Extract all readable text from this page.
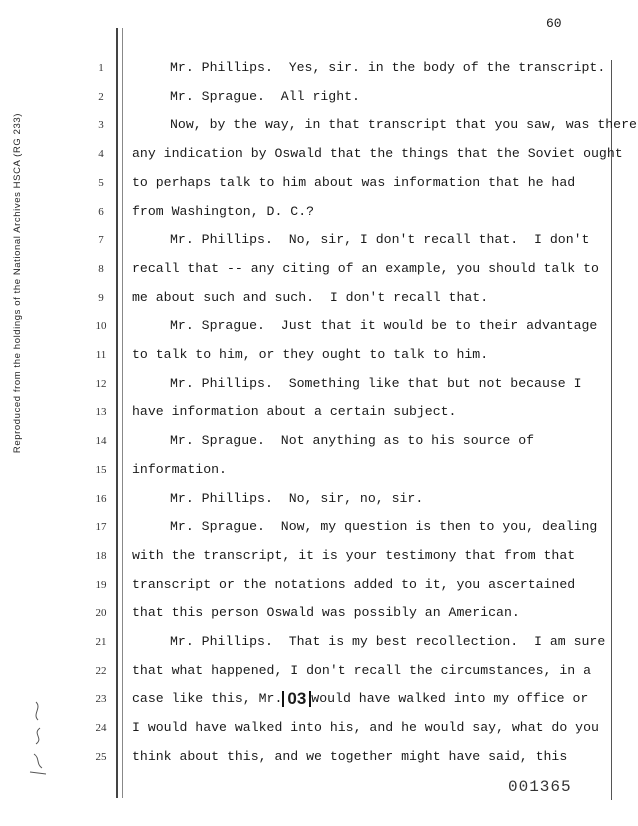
Reproduced from the holdings of the National Archives HSCA (RG 233)
60
1	Mr. Phillips.  Yes, sir. in the body of the transcript.
2	Mr. Sprague.  All right.
3	Now, by the way, in that transcript that you saw, was there
4	any indication by Oswald that the things that the Soviet ought
5	to perhaps talk to him about was information that he had
6	from Washington, D. C.?
7	Mr. Phillips.  No, sir, I don't recall that.  I don't
8	recall that -- any citing of an example, you should talk to
9	me about such and such.  I don't recall that.
10	Mr. Sprague.  Just that it would be to their advantage
11	to talk to him, or they ought to talk to him.
12	Mr. Phillips.  Something like that but not because I
13	have information about a certain subject.
14	Mr. Sprague.  Not anything as to his source of
15	information.
16	Mr. Phillips.  No, sir, no, sir.
17	Mr. Sprague.  Now, my question is then to you, dealing
18	with the transcript, it is your testimony that from that
19	transcript or the notations added to it, you ascertained
20	that this person Oswald was possibly an American.
21	Mr. Phillips.  That is my best recollection.  I am sure
22	that what happened, I don't recall the circumstances, in a
23	case like this, Mr. 03 would have walked into my office or
24	I would have walked into his, and he would say, what do you
25	think about this, and we together might have said, this
001365
